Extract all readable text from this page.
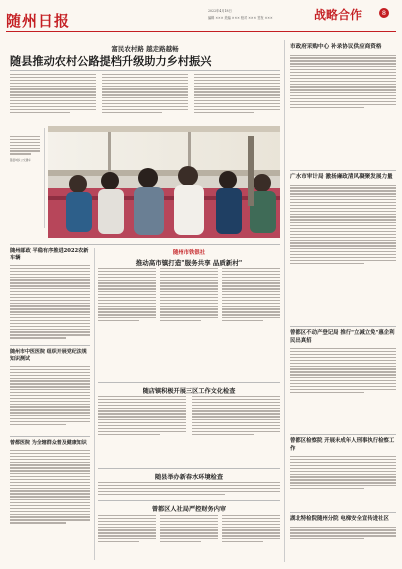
随州日报
2022年4月18日
编辑 ××× 美编 ××× 校对 ××× 签发 ×××	战略合作	8
富民农村路 越走路越畅
随县推动农村公路提档升级助力乡村振兴
随县城乡公交通车
随州邮政 平稳有序推进2022农新车辆
随州市中医医院 组织开展党纪法规知识测试
曾都医院 为全辖群众普及健康知识
随州市铁银社
推动高市镇打造"服务共享 品质新村"
随店镇积极开展三区工作文化检查
随县举办新春水环境检查
曾都区人社局严控财务内审
市政府采购中心 补录协议供应商资格
广水市审计局 激扬廉政清风凝聚发展力量
曾都区不动产登记局 推行"立减立免"惠企利民出真招
曾都区检察院 开展未成年人刑事执行检察工作
湖北特检院随州分院 电梯安全宣传进社区
